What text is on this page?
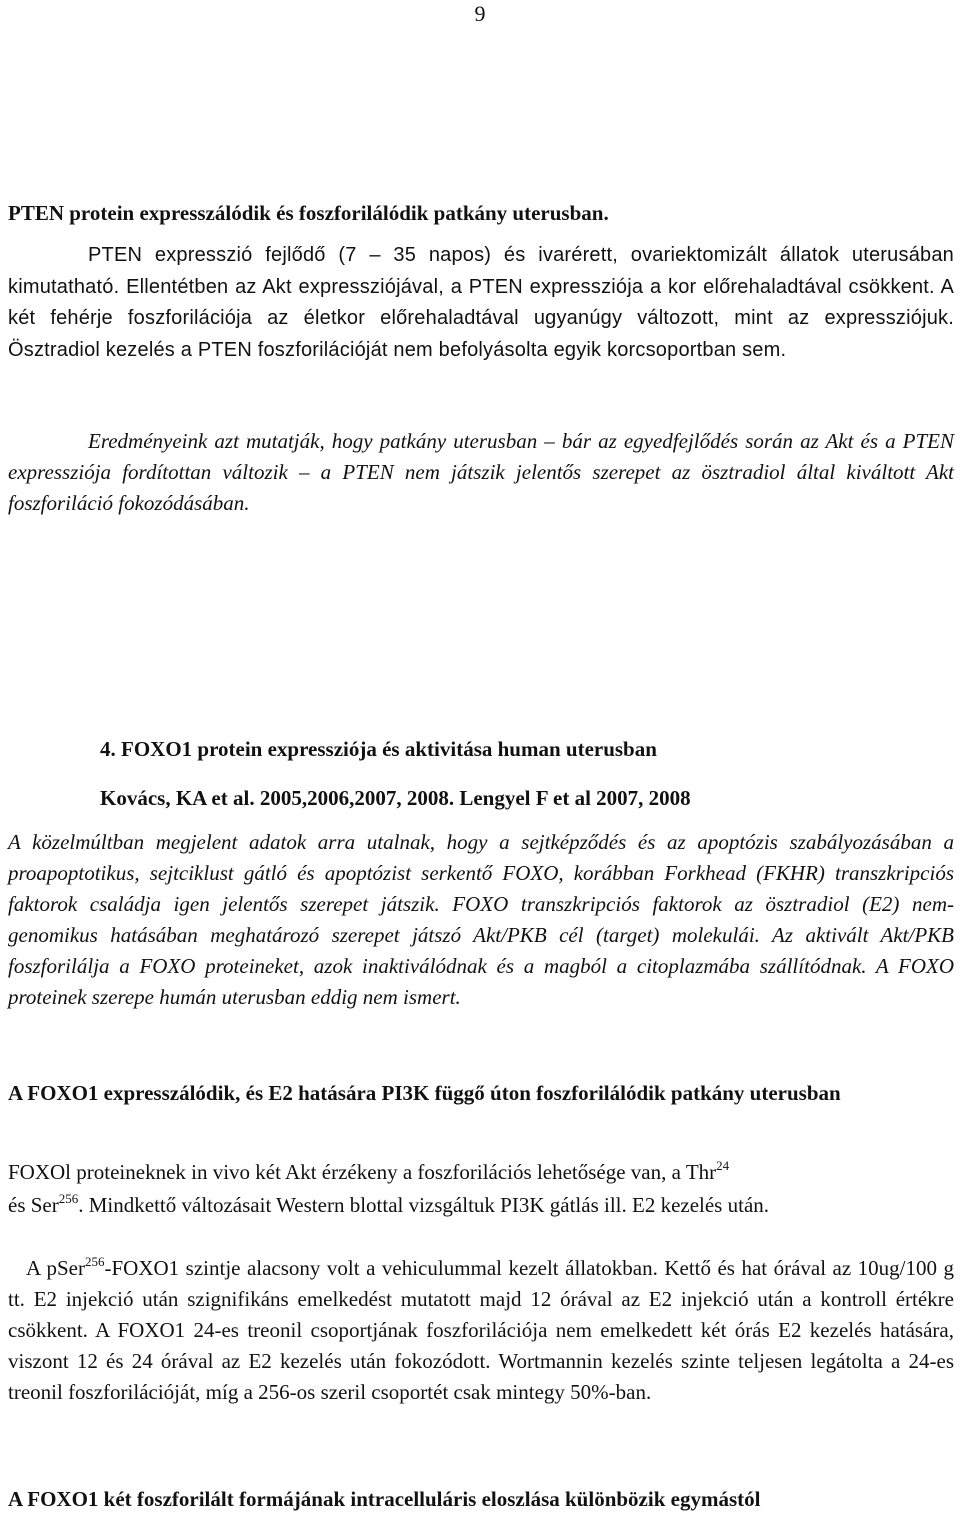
9
PTEN protein expresszálódik és foszforilálódik patkány uterusban.

PTEN expresszió fejlődő (7 – 35 napos) és ivarérett, ovariektomizált állatok uterusában kimutatható. Ellentétben az Akt expressziójával, a PTEN expressziója a kor előrehaladtával csökkent. A két fehérje foszforilációja az életkor előrehaladtával ugyanúgy változott, mint az expressziójuk. Ösztradiol kezelés a PTEN foszforilációját nem befolyásolta egyik korcsoportban sem.

Eredményeink azt mutatják, hogy patkány uterusban – bár az egyedfejlődés során az Akt és a PTEN expressziója fordítottan változik – a PTEN nem játszik jelentős szerepet az ösztradiol által kiváltott Akt foszforiláció fokozódásában.

4. FOXO1 protein expressziója és aktivitása human uterusban
Kovács, KA et al. 2005,2006,2007, 2008. Lengyel F et al 2007, 2008

A közelmúltban megjelent adatok arra utalnak, hogy a sejtképződés és az apoptózis szabályozásában a proapoptotikus, sejtciklust gátló és apoptózist serkentő FOXO, korábban Forkhead (FKHR) transzkripciós faktorok családja igen jelentős szerepet játszik. FOXO transzkripciós faktorok az ösztradiol (E2) nem-genomikus hatásában meghatározó szerepet játszó Akt/PKB cél (target) molekulái. Az aktivált Akt/PKB foszforilálja a FOXO proteineket, azok inaktiválódnak és a magból a citoplazmába szállítódnak. A FOXO proteinek szerepe humán uterusban eddig nem ismert.

A FOXO1 expresszálódik, és E2 hatására PI3K függő úton foszforilálódik patkány uterusban

FOXOl proteineknek in vivo két Akt érzékeny a foszforilációs lehetősége van, a Thr$^{24}$

és Ser$^{256}$. Mindkettő változásait Western blottal vizsgáltuk PI3K gátlás ill. E2 kezelés után.

A pSer$^{256}$-FOXO1 szintje alacsony volt a vehiculummal kezelt állatokban. Kettő és hat órával az 10ug/100 g tt. E2 injekció után szignifikáns emelkedést mutatott majd 12 órával az E2 injekció után a kontroll értékre csökkent. A FOXO1 24-es treonil csoportjának foszforilációja nem emelkedett két órás E2 kezelés hatására, viszont 12 és 24 órával az E2 kezelés után fokozódott. Wortmannin kezelés szinte teljesen legátolta a 24-es treonil foszforilációját, míg a 256-os szeril csoportét csak mintegy 50%-ban.

A FOXO1 két foszforilált formájának intracelluláris eloszlása különbözik egymástól
